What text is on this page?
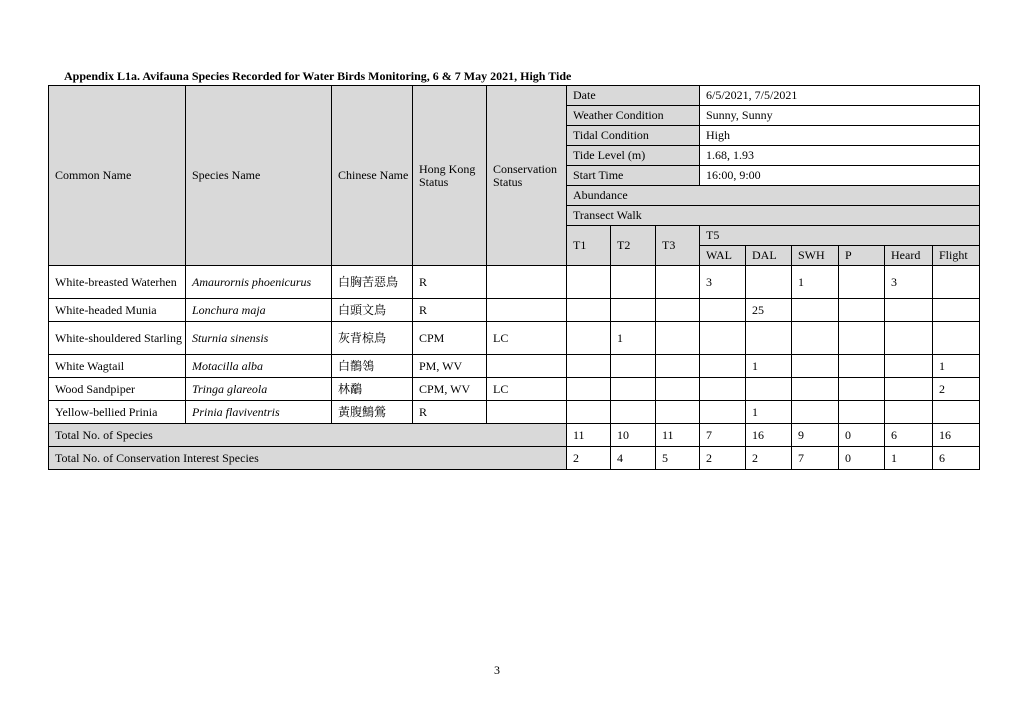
Appendix L1a. Avifauna Species Recorded for Water Birds Monitoring, 6 & 7 May 2021, High Tide
Common Name	Species Name	Chinese Name	Hong Kong Status	Conservation Status	Date			6/5/2021, 7/5/2021					
					Weather Condition			Sunny, Sunny					
					Tidal Condition			High					
					Tide Level (m)			1.68, 1.93					
					Start Time			16:00, 9:00					
					Abundance								
					Transect Walk								
					T1	T2	T3	T5					
								WAL	DAL	SWH	P	Heard	Flight
White-breasted Waterhen	Amaurornis phoenicurus	白胸苦惡鳥	R					3		1		3	
White-headed Munia	Lonchura maja	白頭文鳥	R						25				
White-shouldered Starling	Sturnia sinensis	灰背椋鳥	CPM	LC		1							
White Wagtail	Motacilla alba	白鶺鴒	PM, WV						1				1
Wood Sandpiper	Tringa glareola	林鷸	CPM, WV	LC									2
Yellow-bellied Prinia	Prinia flaviventris	黃腹鷦鶯	R						1				
Total No. of Species					11	10	11	7	16	9	0	6	16
Total No. of Conservation Interest Species					2	4	5	2	2	7	0	1	6
3
